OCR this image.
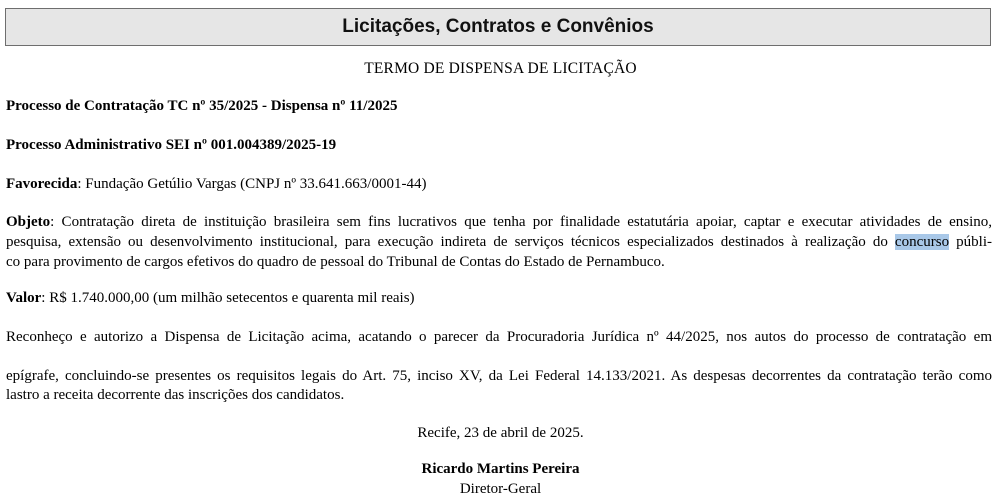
Licitações, Contratos e Convênios
TERMO DE DISPENSA DE LICITAÇÃO
Processo de Contratação TC nº 35/2025 - Dispensa nº 11/2025
Processo Administrativo SEI nº 001.004389/2025-19
Favorecida: Fundação Getúlio Vargas (CNPJ nº 33.641.663/0001-44)
Objeto: Contratação direta de instituição brasileira sem fins lucrativos que tenha por finalidade estatutária apoiar, captar e executar atividades de ensino,
pesquisa, extensão ou desenvolvimento institucional, para execução indireta de serviços técnicos especializados destinados à realização do concurso públi-
co para provimento de cargos efetivos do quadro de pessoal do Tribunal de Contas do Estado de Pernambuco.
Valor: R$ 1.740.000,00 (um milhão setecentos e quarenta mil reais)
Reconheço e autorizo a Dispensa de Licitação acima, acatando o parecer da Procuradoria Jurídica nº 44/2025, nos autos do processo de contratação em
epígrafe, concluindo-se presentes os requisitos legais do Art. 75, inciso XV, da Lei Federal 14.133/2021. As despesas decorrentes da contratação terão como
lastro a receita decorrente das inscrições dos candidatos.
Recife, 23 de abril de 2025.
Ricardo Martins Pereira
Diretor-Geral
